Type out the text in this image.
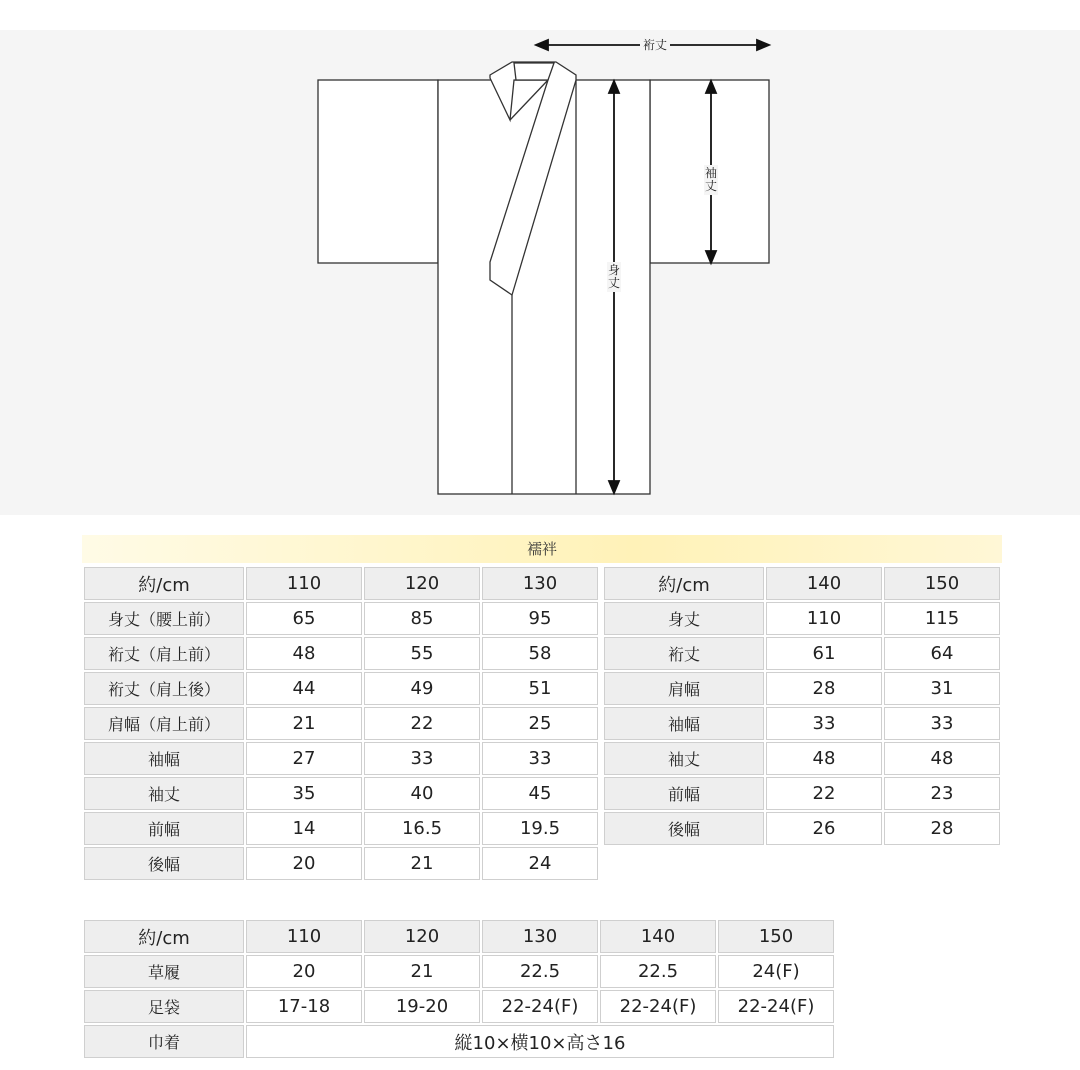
裄丈
袖丈
身丈
襦袢
約/cm	110	120	130
身丈（腰上前）	65	85	95
裄丈（肩上前）	48	55	58
裄丈（肩上後）	44	49	51
肩幅（肩上前）	21	22	25
袖幅	27	33	33
袖丈	35	40	45
前幅	14	16.5	19.5
後幅	20	21	24
約/cm	140	150
身丈	110	115
裄丈	61	64
肩幅	28	31
袖幅	33	33
袖丈	48	48
前幅	22	23
後幅	26	28
約/cm	110	120	130	140	150
草履	20	21	22.5	22.5	24(F)
足袋	17-18	19-20	22-24(F)	22-24(F)	22-24(F)
巾着	縦10×横10×高さ16				
